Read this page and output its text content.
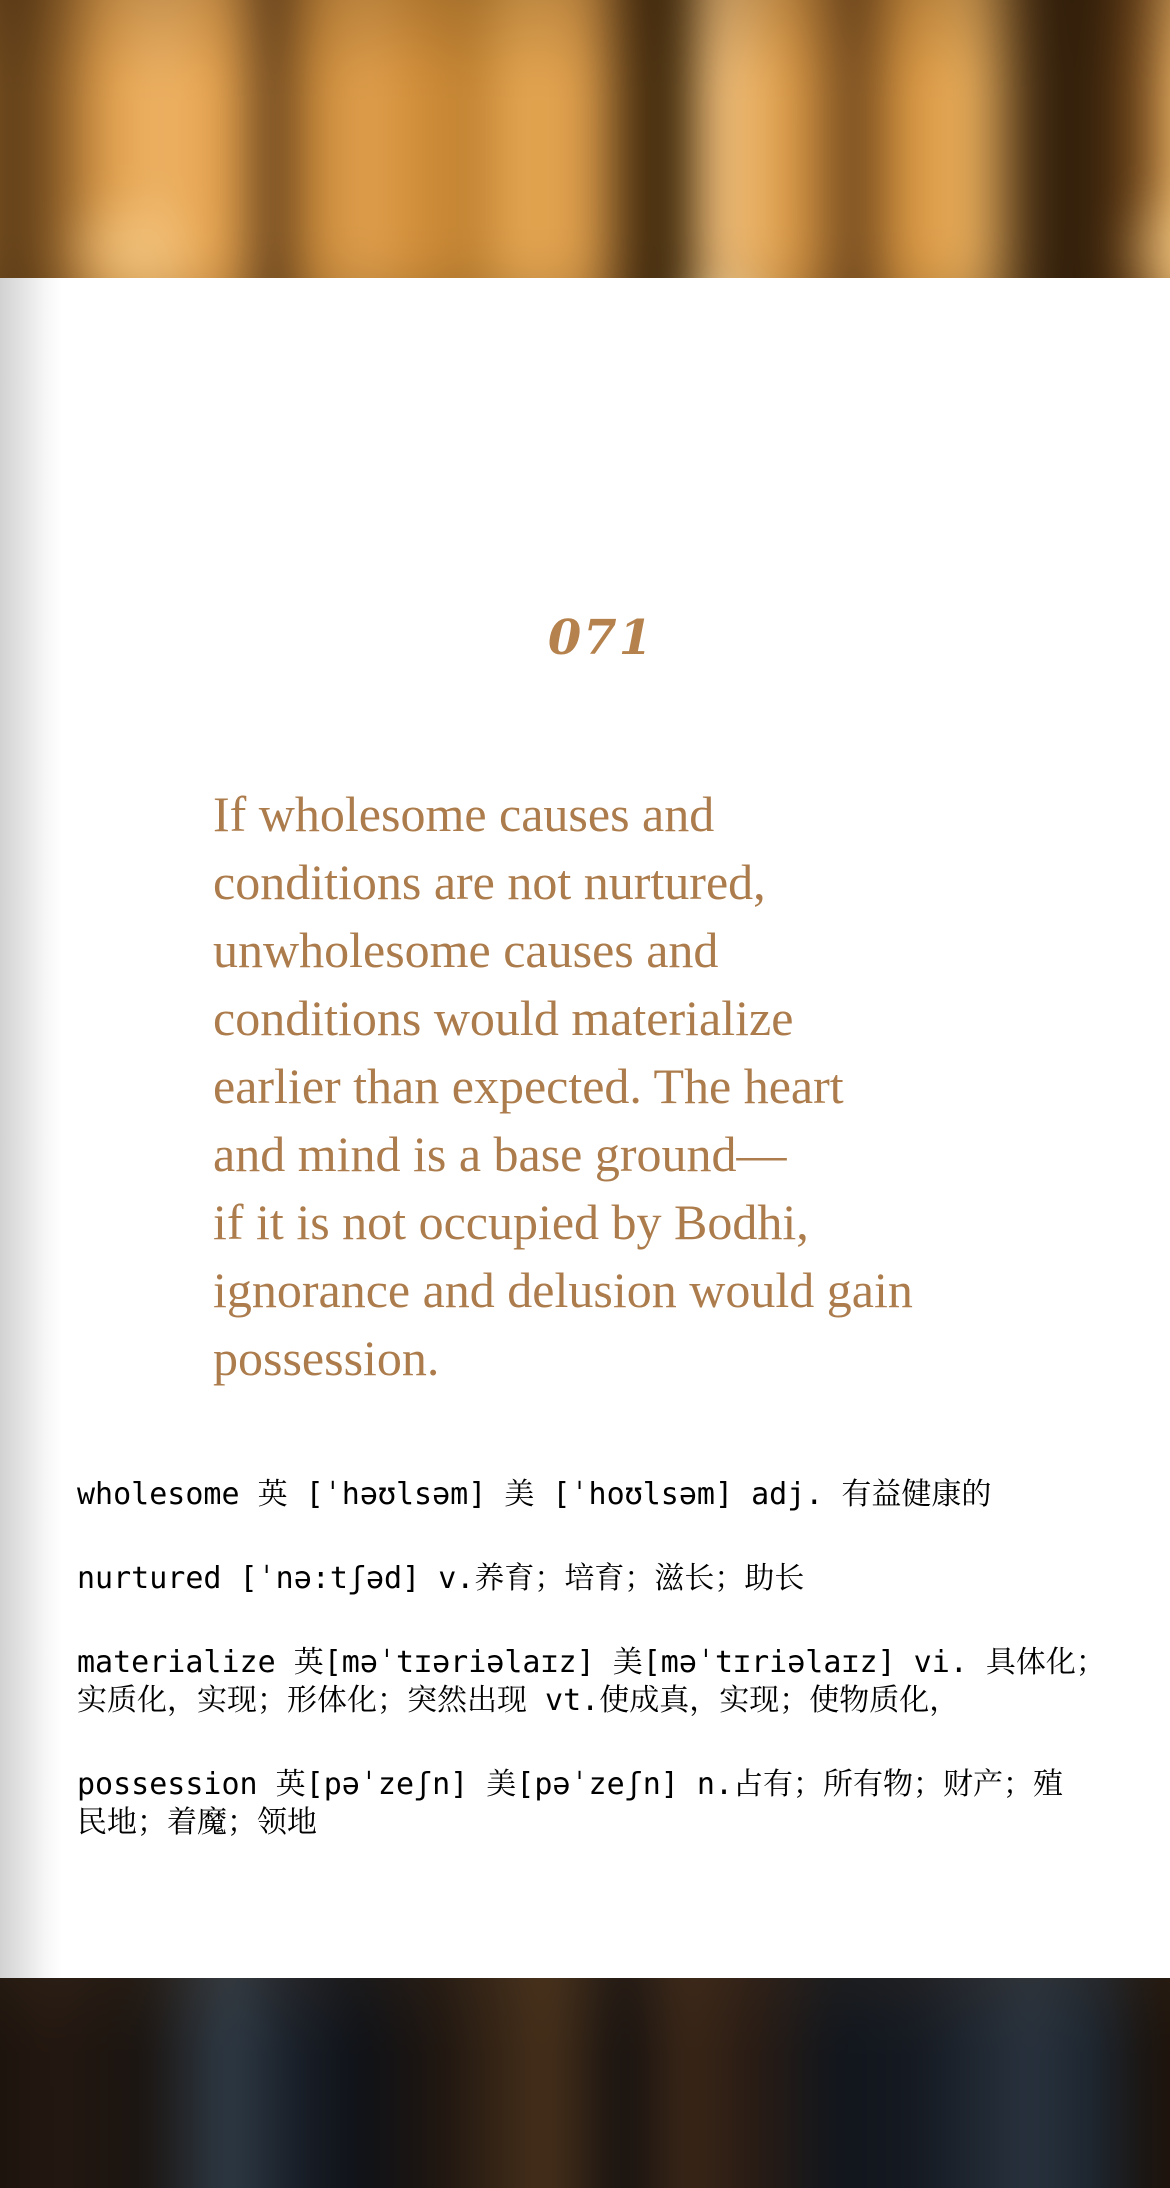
071
If wholesome causes and
conditions are not nurtured,
unwholesome causes and
conditions would materialize
earlier than expected. The heart
and mind is a base ground—
if it is not occupied by Bodhi,
ignorance and delusion would gain
possession.

wholesome 英 [ˈhəʊlsəm] 美 [ˈhoʊlsəm] adj. 有益健康的

nurtured [ˈnə:tʃəd] v.养育；培育；滋长；助长

materialize 英[məˈtɪəriəlaɪz] 美[məˈtɪriəlaɪz] vi. 具体化；
实质化，实现；形体化；突然出现 vt.使成真，实现；使物质化，

possession 英[pəˈzeʃn] 美[pəˈzeʃn] n.占有；所有物；财产；殖
民地；着魔；领地
